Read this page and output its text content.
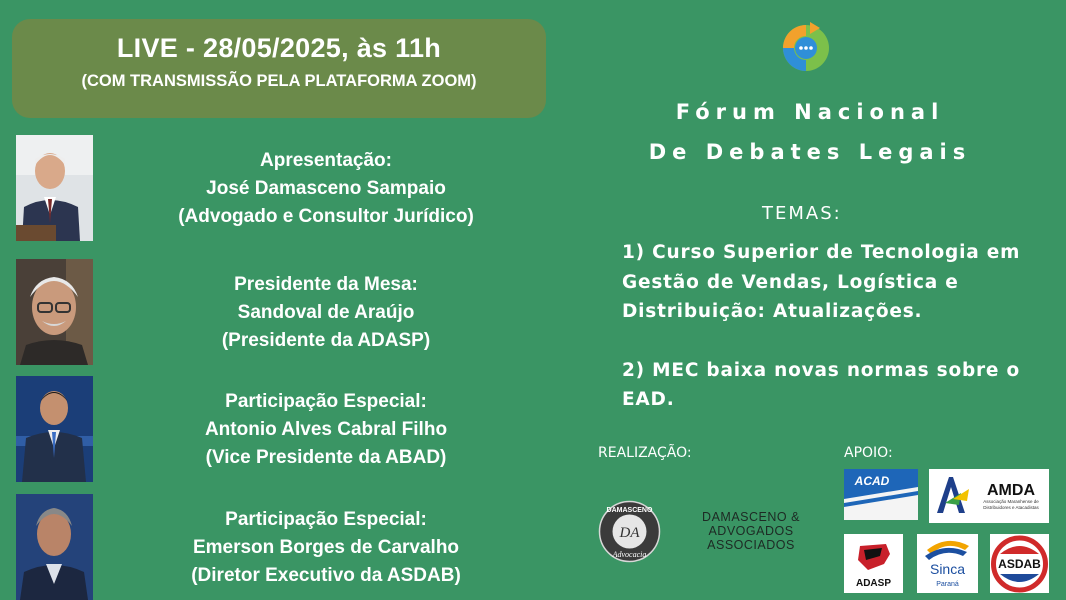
LIVE - 28/05/2025, às 11h
(COM TRANSMISSÃO PELA PLATAFORMA ZOOM)
Apresentação:
José Damasceno Sampaio
(Advogado e Consultor Jurídico)
Presidente da Mesa:
Sandoval de Araújo
(Presidente da ADASP)
Participação Especial:
Antonio Alves Cabral Filho
(Vice Presidente da ABAD)
Participação Especial:
Emerson Borges de Carvalho
(Diretor Executivo da ASDAB)
Fórum Nacional
De Debates Legais
TEMAS:

1) Curso Superior de Tecnologia em

Gestão de Vendas, Logística e

Distribuição: Atualizações.

2) MEC baixa novas normas sobre o

EAD.

REALIZAÇÃO:	APOIO:
DAMASCENO
DA
Advocacia
DAMASCENO &
ADVOGADOS
ASSOCIADOS
ACAD
AMDA
Associação Maranhense de Distribuidores e Atacadistas
ADASP
Sinca
Paraná
ASDAB
